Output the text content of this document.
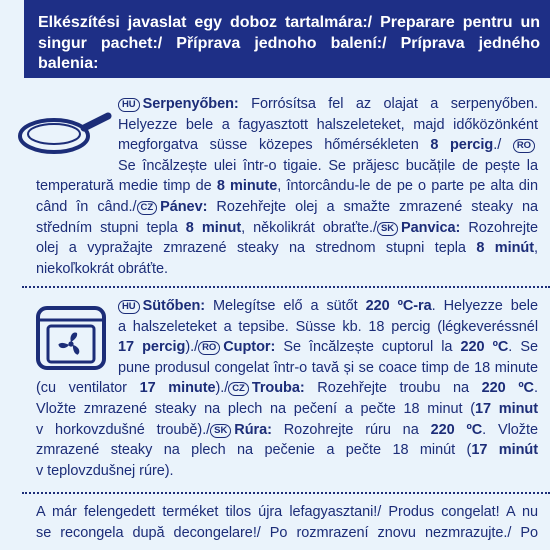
Elkészítési javaslat egy doboz tartalmára:/ Preparare pentru un
singur pachet:/ Příprava jednoho balení:/ Príprava jedného
balenia:
HU Serpenyőben: Forrósítsa fel az olajat a serpenyőben.
Helyezze bele a fagyasztott halszeleteket, majd időközönként
megforgatva süsse közepes hőmérsékleten 8 percig./ RO
Se încălzește ulei într-o tigaie. Se prăjesc bucățile de pește la
temperatură medie timp de 8 minute, întorcându-le de pe o parte pe alta din
când în când./ CZ Pánev: Rozehřejte olej a smažte zmrazené steaky na
středním stupni tepla 8 minut, několikrát obraťte./ SK Panvica: Rozohrejte
olej a vypražajte zmrazené steaky na strednom stupni tepla 8 minút,
niekoľkokrát obráťte.
HU Sütőben: Melegítse elő a sütőt 220 ºC-ra. Helyezze bele
a halszeleteket a tepsibe. Süsse kb. 18 percig (légkeveréssnél
17 percig)./ RO Cuptor: Se încălzește cuptorul la 220 ºC. Se
pune produsul congelat într-o tavă și se coace timp de 18 minute
(cu ventilator 17 minute)./ CZ Trouba: Rozehřejte troubu na 220 ºC.
Vložte zmrazené steaky na plech na pečení a pečte 18 minut (17 minut
v horkovzdušné troubě)./ SK Rúra: Rozohrejte rúru na 220 ºC. Vložte
zmrazené steaky na plech na pečenie a pečte 18 minút (17 minút
v teplovzdušnej rúre).
A már felengedett terméket tilos újra lefagyasztani!/ Produs congelat! A nu
se recongela după decongelare!/ Po rozmrazení znovu nezmrazujte./ Po
